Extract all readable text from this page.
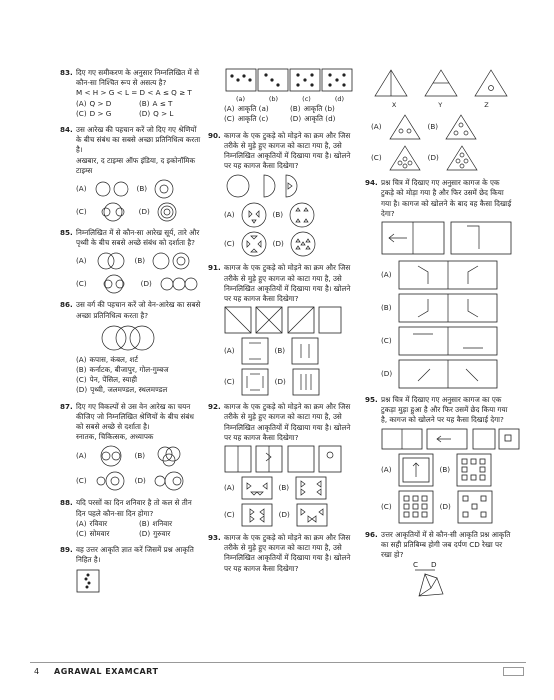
83. दिए गए समीकरण के अनुसार निम्नलिखित में से कौन-सा निश्चित रूप से असत्य है?
M < H > G < L = D < A ≤ Q ≥ T
(A) Q > D	(B) A ≤ T
(C) D > G	(D) Q > L
84. उस आरेख की पहचान करें जो दिए गए श्रेणियों के बीच संबंध का सबसे अच्छा प्रतिनिधित्व करता है।
अखबार, द टाइम्स ऑफ इंडिया, द इकोनॉमिक टाइम्स
(A)	(B)
(C)	(D)
85. निम्नलिखित में से कौन-सा आरेख सूर्य, तारे और पृथ्वी के बीच सबसे अच्छे संबंध को दर्शाता है?
(A)	(B)
(C)	(D)
86. उस वर्ग की पहचान करें जो वेन-आरेख का सबसे अच्छा प्रतिनिधित्व करता है?
(A) कपास, कंबल, शर्ट
(B) कर्नाटक, बीजापुर, गोल-गुम्बज
(C) पेन, पेंसिल, स्याही
(D) पृथ्वी, जलमण्डल, स्थलमण्डल
87. दिए गए विकल्पों से उस वेन आरेख का चयन कीजिए जो निम्नलिखित श्रेणियों के बीच संबंध को सबसे अच्छे से दर्शाता है।
स्नातक, चिकित्सक, अध्यापक
(A)	(B)
(C)	(D)
88. यदि परसों का दिन शनिवार है तो कल से तीन दिन पहले कौन-सा दिन होगा?
(A) रविवार	(B) शनिवार
(C) सोमवार	(D) गुरुवार
89. वह उत्तर आकृति ज्ञात करें जिसमें प्रश्न आकृति निहित है।
(a)	(b)	(c)	(d)
(A) आकृति (a)	(B) आकृति (b)
(C) आकृति (c)	(D) आकृति (d)
90. कागज के एक टुकड़े को मोड़ने का क्रम और जिस तरीके से मुड़े हुए कागज को काटा गया है, उसे निम्नलिखित आकृतियों में दिखाया गया है। खोलने पर यह कागज कैसा दिखेगा?
(A)	(B)
(C)	(D)
91. कागज के एक टुकड़े को मोड़ने का क्रम और जिस तरीके से मुड़े हुए कागज को काटा गया है, उसे निम्नलिखित आकृतियों में दिखाया गया है। खोलने पर यह कागज कैसा दिखेगा?
(A)	(B)
(C)	(D)
92. कागज के एक टुकड़े को मोड़ने का क्रम और जिस तरीके से मुड़े हुए कागज को काटा गया है, उसे निम्नलिखित आकृतियों में दिखाया गया है। खोलने पर यह कागज कैसा दिखेगा?
(A)	(B)
(C)	(D)
93. कागज के एक टुकड़े को मोड़ने का क्रम और जिस तरीके से मुड़े हुए कागज को काटा गया है, उसे निम्नलिखित आकृतियों में दिखाया गया है। खोलने पर यह कागज कैसा दिखेगा?
X	Y	Z
(A)	(B)
(C)	(D)
94. प्रश्न चित्र में दिखाए गए अनुसार कागज के एक टुकड़े को मोड़ा गया है और फिर उसमें छेद किया गया है। कागज को खोलने के बाद वह कैसा दिखाई देगा?
(A)
(B)
(C)
(D)
95. प्रश्न चित्र में दिखाए गए अनुसार कागज का एक टुकड़ा मुड़ा हुआ है और फिर उसमें छेद किया गया है, कागज को खोलने पर यह कैसा दिखाई देगा?
(A)	(B)
(C)	(D)
96. उत्तर आकृतियों में से कौन-सी आकृति प्रश्न आकृति का सही प्रतिबिम्ब होगी जब दर्पण CD रेखा पर रखा हो?
C D
4 AGRAWAL EXAMCART
